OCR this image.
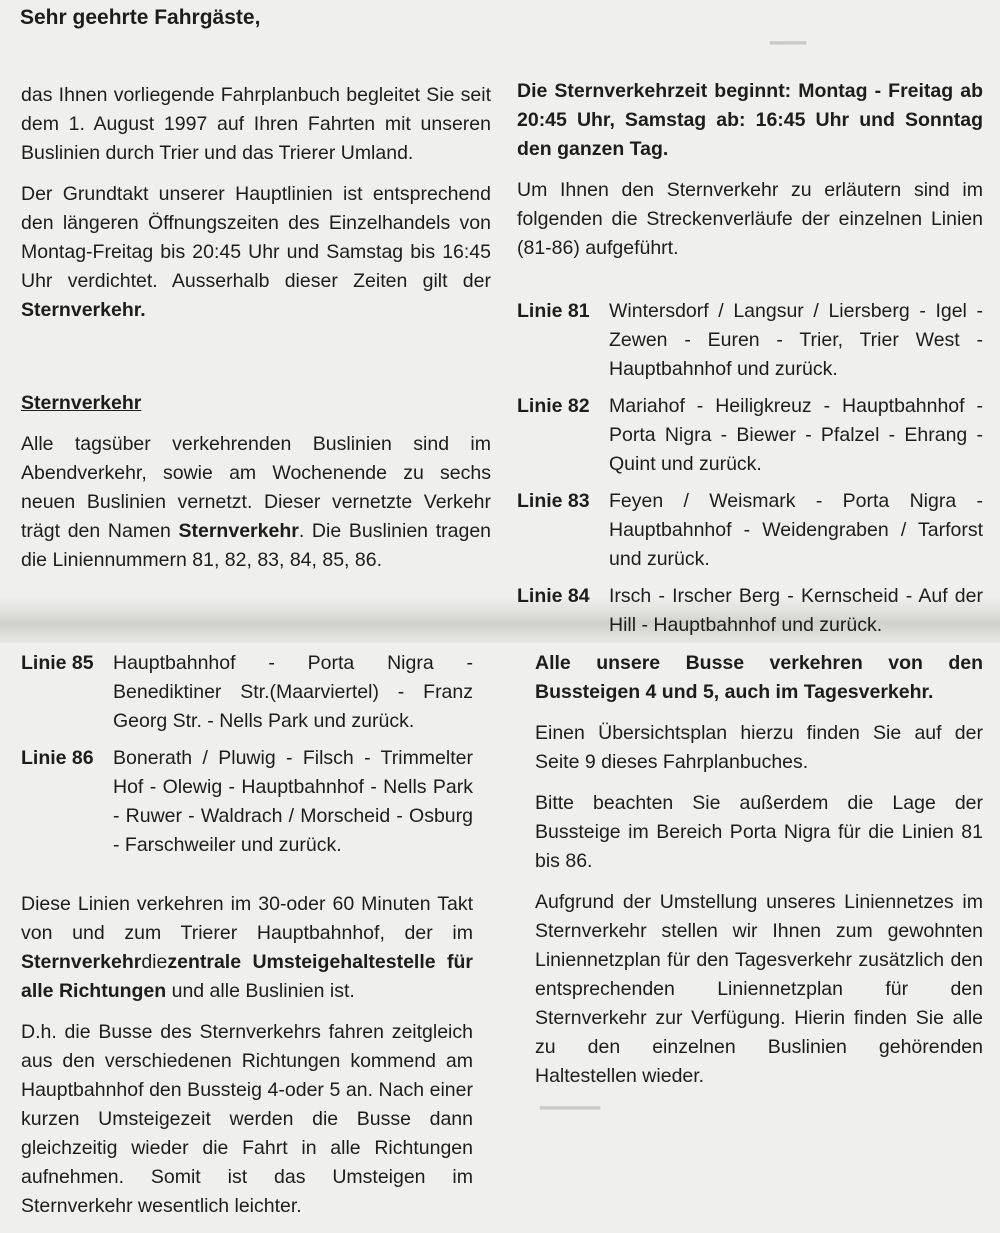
━━━
━━━━━
Sehr geehrte Fahrgäste,

das Ihnen vorliegende Fahrplanbuch begleitet Sie seit dem 1. August 1997 auf Ihren Fahrten mit unseren Buslinien durch Trier und das Trierer Umland.

Der Grundtakt unserer Hauptlinien ist entsprechend den längeren Öffnungszeiten des Einzelhandels von Montag-Freitag bis 20:45 Uhr und Samstag bis 16:45 Uhr verdichtet. Ausserhalb dieser Zeiten gilt der Sternverkehr.

Sternverkehr

Alle tagsüber verkehrenden Buslinien sind im Abendverkehr, sowie am Wochenende zu sechs neuen Buslinien vernetzt. Dieser vernetzte Verkehr trägt den Namen Sternverkehr. Die Buslinien tragen die Liniennummern 81, 82, 83, 84, 85, 86.

Die Sternverkehrzeit beginnt: Montag - Freitag ab 20:45 Uhr, Samstag ab: 16:45 Uhr und Sonntag den ganzen Tag.

Um Ihnen den Sternverkehr zu erläutern sind im folgenden die Streckenverläufe der einzelnen Linien (81-86) aufgeführt.

Linie 81 Wintersdorf / Langsur / Liersberg - Igel - Zewen - Euren - Trier, Trier West - Hauptbahnhof und zurück.
Linie 82 Mariahof - Heiligkreuz - Hauptbahnhof - Porta Nigra - Biewer - Pfalzel - Ehrang - Quint und zurück.
Linie 83 Feyen / Weismark - Porta Nigra - Hauptbahnhof - Weidengraben / Tarforst und zurück.
Linie 84 Irsch - Irscher Berg - Kernscheid - Auf der Hill - Hauptbahnhof und zurück.
Linie 85 Hauptbahnhof - Porta Nigra - Benediktiner Str.(Maarviertel) - Franz Georg Str. - Nells Park und zurück.
Linie 86 Bonerath / Pluwig - Filsch - Trimmelter Hof - Olewig - Hauptbahnhof - Nells Park - Ruwer - Waldrach / Morscheid - Osburg - Farschweiler und zurück.

Diese Linien verkehren im 30-oder 60 Minuten Takt von und zum Trierer Hauptbahnhof, der im Sternverkehrdiezentrale Umsteigehaltestelle für alle Richtungen und alle Buslinien ist.

D.h. die Busse des Sternverkehrs fahren zeitgleich aus den verschiedenen Richtungen kommend am Hauptbahnhof den Bussteig 4-oder 5 an. Nach einer kurzen Umsteigezeit werden die Busse dann gleichzeitig wieder die Fahrt in alle Richtungen aufnehmen. Somit ist das Umsteigen im Sternverkehr wesentlich leichter.

Alle unsere Busse verkehren von den Bussteigen 4 und 5, auch im Tagesverkehr.

Einen Übersichtsplan hierzu finden Sie auf der Seite 9 dieses Fahrplanbuches.

Bitte beachten Sie außerdem die Lage der Bussteige im Bereich Porta Nigra für die Linien 81 bis 86.

Aufgrund der Umstellung unseres Liniennetzes im Sternverkehr stellen wir Ihnen zum gewohnten Liniennetzplan für den Tagesverkehr zusätzlich den entsprechenden Liniennetzplan für den Sternverkehr zur Verfügung. Hierin finden Sie alle zu den einzelnen Buslinien gehörenden Haltestellen wieder.
